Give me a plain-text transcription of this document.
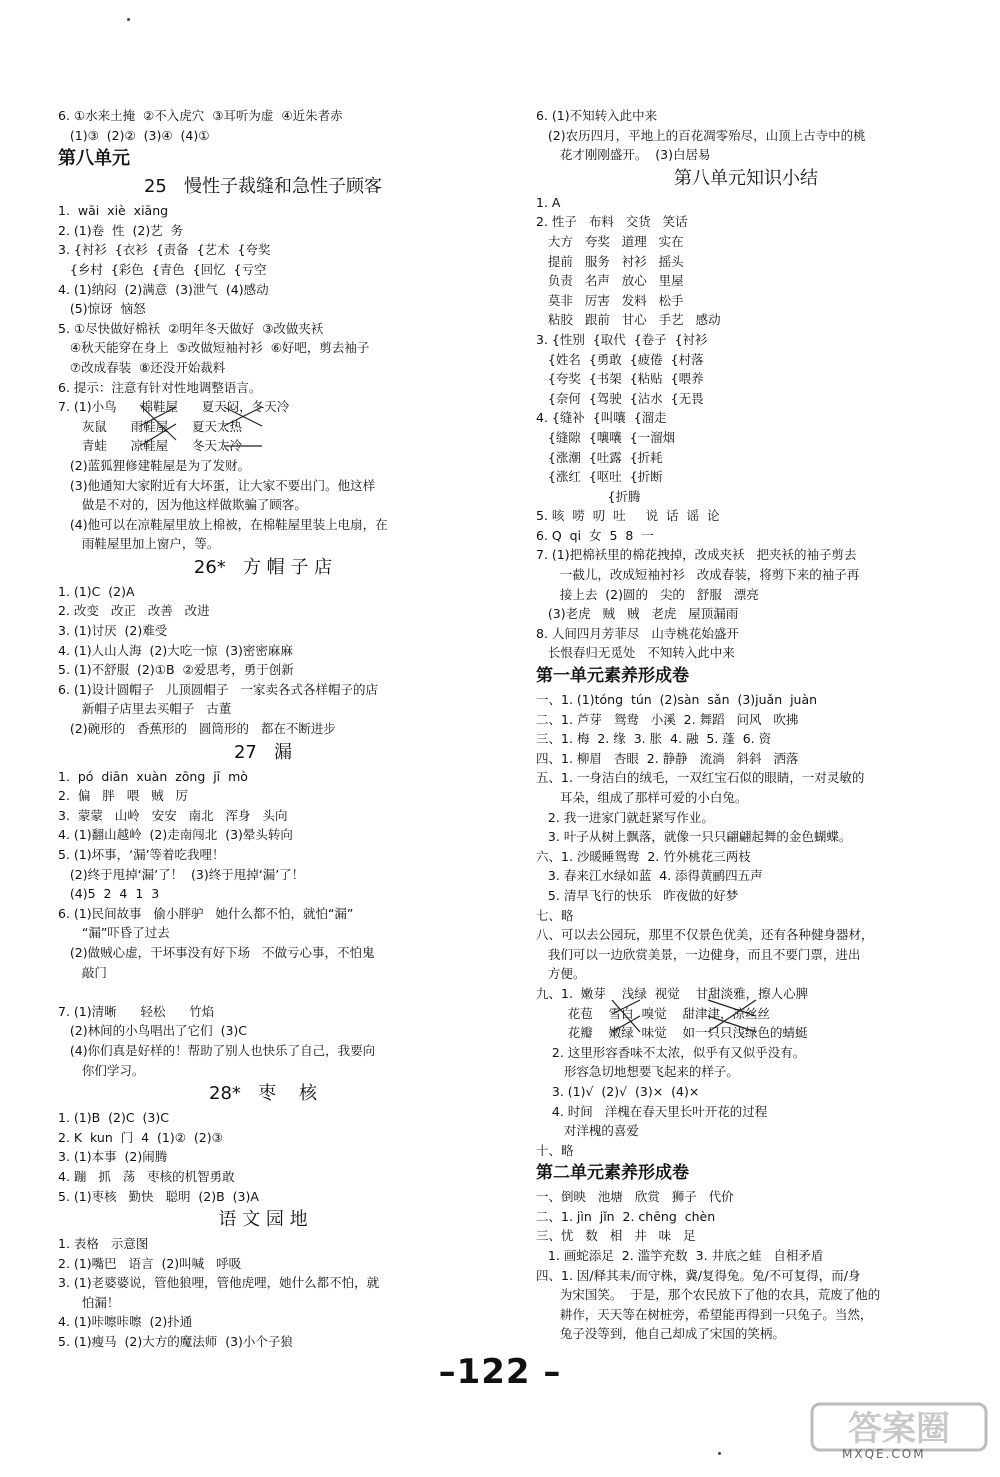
6. ①水来土掩  ②不入虎穴  ③耳听为虚  ④近朱者赤
(1)③  (2)②  (3)④  (4)①
第八单元
25   慢性子裁缝和急性子顾客
1.  wāi  xiè  xiāng
2. (1)卷  性  (2)艺  务
3. {衬衫  {衣衫  {责备  {艺术  {夸奖
{乡村  {彩色  {青色  {回忆  {亏空
4. (1)纳闷  (2)满意  (3)泄气  (4)感动
(5)惊讶  恼怒
5. ①尽快做好棉袄  ②明年冬天做好  ③改做夹袄
④秋天能穿在身上  ⑤改做短袖衬衫  ⑥好吧，剪去袖子
⑦改成春装  ⑧还没开始裁料
6. 提示：注意有针对性地调整语言。
7. (1)小鸟      棉鞋屋      夏天闷，冬天冷
灰鼠      雨鞋屋      夏天太热
青蛙      凉鞋屋      冬天太冷
(2)蓝狐狸修建鞋屋是为了发财。
(3)他通知大家附近有大坏蛋，让大家不要出门。他这样
做是不对的，因为他这样做欺骗了顾客。
(4)他可以在凉鞋屋里放上棉被，在棉鞋屋里装上电扇，在
雨鞋屋里加上窗户，等。
26*   方 帽 子 店
1. (1)C  (2)A
2. 改变   改正   改善   改进
3. (1)讨厌  (2)难受
4. (1)人山人海  (2)大吃一惊  (3)密密麻麻
5. (1)不舒服  (2)①B  ②爱思考，勇于创新
6. (1)设计圆帽子   儿顶圆帽子   一家卖各式各样帽子的店
新帽子店里去买帽子   古董
(2)碗形的   香蕉形的   圆筒形的   都在不断进步
27   漏
1.  pó  diān  xuàn  zōng  jī  mò
2.  偏   胖   喂   贼   厉
3.  蒙蒙   山岭   安安   南北   浑身   头向
4. (1)翻山越岭  (2)走南闯北  (3)晕头转向
5. (1)坏事，‘漏’等着吃我哩！
(2)终于甩掉‘漏’了！  (3)终于甩掉‘漏’了！
(4)5  2  4  1  3
6. (1)民间故事   偷小胖驴   她什么都不怕，就怕“漏”
“漏”吓昏了过去
(2)做贼心虚，干坏事没有好下场   不做亏心事，不怕鬼
敲门
7. (1)清晰      轻松      竹焰
(2)林间的小鸟唱出了它们  (3)C
(4)你们真是好样的！帮助了别人也快乐了自己，我要向
你们学习。
28*   枣    核
1. (1)B  (2)C  (3)C
2. K  kun  门  4  (1)②  (2)③
3. (1)本事  (2)闹腾
4. 蹦   抓   荡   枣核的机智勇敢
5. (1)枣核   勤快   聪明  (2)B  (3)A
语 文 园 地
1. 表格   示意图
2. (1)嘴巴   语言  (2)叫喊   呼吸
3. (1)老婆婆说，管他狼哩，管他虎哩，她什么都不怕，就
怕漏！
4. (1)咔嚓咔嚓  (2)扑通
5. (1)瘦马  (2)大方的魔法师  (3)小个子狼
6. (1)不知转入此中来
(2)农历四月，平地上的百花凋零殆尽，山顶上古寺中的桃
花才刚刚盛开。  (3)白居易
第八单元知识小结
1. A
2. 性子   布料   交货   笑话
大方   夸奖   道理   实在
提前   服务   衬衫   摇头
负责   名声   放心   里屋
莫非   厉害   发料   松手
粘胶   跟前   甘心   手艺   感动
3. {性别  {取代  {卷子  {衬衫
{姓名  {勇敢  {疲倦  {村落
{夸奖  {书架  {粘贴  {喂养
{奈何  {驾驶  {沾水  {无畏
4. {缝补  {叫嚷  {溜走
{缝隙  {嚷嚷  {一溜烟
{涨潮  {吐露  {折耗
{涨红  {呕吐  {折断
{折腾
5. 咳  唠  叨  吐     说  话  谣  论
6. Q  qi  女  5  8  一
7. (1)把棉袄里的棉花拽掉，改成夹袄   把夹袄的袖子剪去
一截儿，改成短袖衬衫   改成春装，将剪下来的袖子再
接上去  (2)圆的   尖的   舒服   漂亮
(3)老虎   贼   贼   老虎   屋顶漏雨
8. 人间四月芳菲尽   山寺桃花始盛开
长恨春归无觅处   不知转入此中来
第一单元素养形成卷
一、1. (1)tóng  tún  (2)sàn  sǎn  (3)juǎn  juàn
二、1. 芦芽   鸳鸯   小溪  2. 舞蹈   问风   吹拂
三、1. 梅  2. 缘  3. 胀  4. 融  5. 蓬  6. 资
四、1. 柳眉   杏眼  2. 静静   流淌   斜斜   洒落
五、1. 一身洁白的绒毛，一双红宝石似的眼睛，一对灵敏的
耳朵，组成了那样可爱的小白兔。
2. 我一进家门就赶紧写作业。
3. 叶子从树上飘落，就像一只只翩翩起舞的金色蝴蝶。
六、1. 沙暖睡鸳鸯  2. 竹外桃花三两枝
3. 春来江水绿如蓝  4. 添得黄鹂四五声
5. 清早飞行的快乐   昨夜做的好梦
七、略
八、可以去公园玩，那里不仅景色优美，还有各种健身器材，
我们可以一边欣赏美景，一边健身，而且不要门票，进出
方便。
九、1.  嫩芽    浅绿  视觉    甘甜淡雅，擦人心脾
花苞    雪白  嗅觉    甜津津，凉丝丝
花瓣    嫩绿  味觉    如一只只浅绿色的蜻蜓
2. 这里形容香味不太浓，似乎有又似乎没有。
形容急切地想要飞起来的样子。
3. (1)√  (2)√  (3)×  (4)×
4. 时间   洋槐在春天里长叶开花的过程
对洋槐的喜爱
十、略
第二单元素养形成卷
一、倒映   池塘   欣赏   狮子   代价
二、1. jìn  jǐn  2. chēng  chèn
三、忧   数   相   井   味   足
1. 画蛇添足  2. 滥竽充数  3. 井底之蛙   自相矛盾
四、1. 因/释其耒/而守株，冀/复得兔。兔/不可复得，而/身
为宋国笑。  于是，那个农民放下了他的农具，荒废了他的
耕作，天天等在树桩旁，希望能再得到一只兔子。当然，
兔子没等到，他自己却成了宋国的笑柄。
–122 –
答案圈
MXQE.COM
